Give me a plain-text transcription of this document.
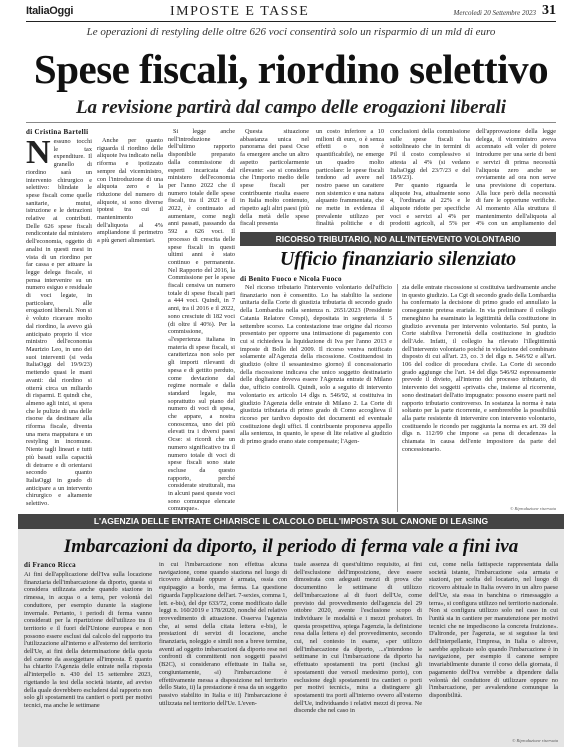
ItaliaOggi	IMPOSTE E TASSE	Mercoledì 20 Settembre 2023 31
Le operazioni di restyling delle oltre 626 voci consentirà solo un risparmio di un mld di euro
Spese fiscali, riordino selettivo
La revisione partirà dal campo delle erogazioni liberali
di Cristina Bartelli
N essuno tocchi le tax expenditure. Il granello di riordino sarà un intervento chirurgico e selettivo: blindate le spese fiscali come quelle sanitarie, mutui, istruzione e le detrazioni relative ai contributi. Delle 626 spese fiscali rendicontate dal ministero dell'economia, oggetto di analisi in questi mesi in vista di un riordino per far cassa e per attuare la legge delega fiscale, si pensa intervenire su un numero esiguo e residuale di voci legate, in particolare, alle erogazioni liberali. Non si è voluto ricavare molto dal riordino, la avevo già anticipato proprio il vice ministro dell'economia Maurizio Leo, in uno dei suoi interventi (si veda ItaliaOggi del 19/9/23) mettendo quasi le mani avanti: dal riordino si otterrà circa un miliardo di risparmi. E quindi che, almeno agli inizi, si spera che le pulizie di una delle risorse da destinare alla riforma fiscale, diventa una mera mappatura e un restyling in incomune. Niente tagli lineari e tutti più basati sulla capacità di detrarre e di orientarsi secondo quanto ItaliaOggi in grado di anticipare a un intervento chirurgico e altamente selettivo.

Anche per quanto riguarda il riordino delle aliquote Iva indicato nella riforma e ipotizzato sempre dal viceministro, con l'introduzione di una aliquota zero e la riduzione del numero di aliquote, si sono diverse ipotesi tra cui il mantenimento dell'aliquota al 4% ampliandone il perimetro a più generi alimentari.

Si legge anche nell'introduzione dell'ultimo rapporto disponibile preparato dalla commissione di esperti incaricata dal ministero dell'economia per l'anno 2022 che il numero totale delle spese fiscali, tra il 2021 e il 2022, è continuato ad aumentare, come negli anni passati, passando da 592 a 626 voci. Il processo di crescita delle spese fiscali in questi ultimi anni è stato continuo e permanente. Nel Rapporto del 2016, la Commissione per le spese fiscali censiva un numero totale di spese fiscali pari a 444 voci. Quindi, in 7 anni, tra il 2016 e il 2022, sono cresciute di 182 voci (di oltre il 40%). Per la commissione, «l'esperienza italiana in materia di spese fiscali, si caratterizza non solo per gli importi rilevanti di spesa e di gettito perduto, come deviazione dal regime normale e dalla standard legale, ma soprattutto sul piano del numero di voci di spesa, che appare, a nostra conoscenza, uno dei più elevati tra i diversi paesi Ocse: si ricordi che un numero significativo tra il numero totale di voci di spese fiscali sono state escluse da questo rapporto, perché considerate strutturali, ma in alcuni paesi queste voci sono comunque elencate comunque».

Questa situazione abbastanza unica nel panorama dei paesi Ocse fa emergere anche un altro aspetto particolarmente rilevante: «se si considera che l'importo medio delle spese fiscali per contribuente risulta essere in Italia molto contenuto, rispetto agli altri paesi (più della metà delle spese fiscali presenta

un costo inferiore a 10 milioni di euro, o è senza effetti o non è quantificabile), ne emerge un quadro molto particolare: le spese fiscali tendono ad avere nel nostro paese un carattere non sistemico e una natura alquanto frammentata, che ne mette in evidenza il prevalente utilizzo per finalità politiche e di

conclusioni della commissione sulle spese fiscali ha sottolineato che in termini di Pil il costo complessivo si attesta al 4% (si vedano ItaliaOggi del 23/7/23 e del 18/9/23).

Per quanto riguarda le aliquote Iva, attualmente sono 4, l'ordinaria al 22% e le aliquote ridotte per specifiche voci e servizi al 4% per prodotti agricoli, al 5% per

dell'approvazione della legge delega, il viceministro aveva accennato «di voler di potere introdurre per una serie di beni e servizi di prima necessità l'aliquota zero anche se ovviamente ad ora non serve una previsione di copertura. Alla luce però della necessità di fare le opportune verifiche. Al momento Alla struttura il mantenimento dell'aliquota al 4% con un ampliamento del

RICORSO TRIBUTARIO, NO ALL'INTERVENTO VOLONTARIO
Ufficio finanziario silenziato
di Benito Fuoco e Nicola Fuoco

Nel ricorso tributario l'intervento volontario dell'ufficio finanziario non è consentito. Lo ha stabilito la sezione unitaria della Corte di giustizia tributaria di secondo grado della Lombardia nella sentenza n. 2651/2023 (Presidente Catania Relatore Crespi), depositata in segreteria il 5 settembre scorso. La contestazione trae origine dal ricorso presentato per opporre una intimazione di pagamento con cui si richiedeva la liquidazione di Iva per l'anno 2013 e imposte di Bollo del 2009. Il ricorso veniva notificato solamente all'Agenzia della riscossione. Costituendosi in giudizio (oltre il sessantesimo giorno) il concessionario della riscossione indicava che unico soggetto destinatario delle doglianze doveva essere l'Agenzia entrate di Milano due, ufficio controlli. Quindi, solo a seguito di intervento volontario ex articolo 14 dlgs n. 546/92, si costituiva in giudizio l'Agenzia delle entrate di Milano 2. La Corte di giustizia tributaria di primo grado di Como accoglieva il ricorso per tardivo deposito dei documenti ed eventuale costituzione degli uffici. Il contribuente proponeva appello alla sentenza, in quanto, le spese di lite relative al giudizio di primo grado erano state compensate; l'Agen-

zia delle entrate riscossione si costituiva tardivamente anche in questo giudizio. La Cgt di secondo grado della Lombardia ha confermato la decisione di primo grado ed annullato la conseguente pretesa erariale. In via preliminare il collegio meneghino ha esaminato la legittimità della costituzione in giudizio avvenuta per intervento volontario. Sul punto, la Corte stabiliva l'erroneità della costituzione in giudizio dell'Ade. Infatti, il collegio ha rilevato l'illegittimità dell'intervento volontario poiché in violazione del combinato disposto di cui all'art. 23, co. 3 del dlgs n. 546/92 e all'art. 106 del codice di procedura civile. La Corte di secondo grado aggiunge che l'art. 14 del dlgs 546/92 espressamente prevede il divieto, all'interno del processo tributario, di intervento dei soggetti «privati» che, insieme al ricorrente, sono destinatari dell'atto impugnato: possono essere parti nel rapporto tributario controverso. In sostanza la norma è nata soltanto per la parte ricorrente, e sembrerebbe la possibilità alla parte resistente di intervenire con intervento volontario, costituendo le ricondo per raggiunta la norma ex art. 39 del dlgs n. 112/99 che impone «a pena di decadenza» la chiamata in causa dell'ente impositore da parte del concessionario.

© Riproduzione riservata
L'AGENZIA DELLE ENTRATE CHIARISCE IL CALCOLO DELL'IMPOSTA SUL CANONE DI LEASING
Imbarcazioni da diporto, il periodo di ferma vale a fini iva
di Franco Ricca

Ai fini dell'applicazione dell'Iva sulla locazione finanziaria dell'imbarcazione da diporto, questa si considera utilizzata anche quando stazione in rimessa, in acqua o a terra, per volontà del conduttore, per esempio durante la stagione invernale. Pertanto, i periodi di ferma vanno considerati per la ripartizione dell'utilizzo tra il territorio e il fuori dell'Unione europea e non possono essere esclusi dal calcolo del rapporto tra l'utilizzazione all'interno e all'esterno del territorio dell'Ue, ai fini della determinazione della quota del canone da assoggettare all'imposta. È quanto ha chiarito l'Agenzia delle entrate nella risposta all'interpello n. 430 del 15 settembre 2023, rigettando la tesi della società istante, ad avviso della quale dovrebbero escludersi dal rapporto non solo gli spostamenti tra cantieri o porti per motivi tecnici, ma anche le settimane

in cui l'imbarcazione non effettua alcuna navigazione, come quando staziona nel luogo di ricovero abituale oppure è armata, ossia con equipaggio a bordo, ma ferma. La questione riguarda l'applicazione dell'art. 7-sexies, comma 1, lett. e-bis), del dpr 633/72, come modificato dalle leggi n. 160/2019 e 178/2020, nonché del relativo provvedimento di attuazione. Osserva l'agenzia che, ai sensi della citata lettera e-bis), le prestazioni di servizi di locazione, anche finanziaria, noleggio e simili non a breve termine, aventi ad oggetto imbarcazioni da diporto rese nei confronti di committenti non soggetti passivi (B2C), si considerano effettuate in Italia se, congiuntamente, «i) l'imbarcazione è effettivamente messa a disposizione nel territorio dello Stato, ii) la prestazione è resa da un soggetto passivo stabilito in Italia e iii) l'imbarcazione è utilizzata nel territorio dell'Ue. L'even-

tuale assenza di quest'ultimo requisito, ai fini dell'esclusione dell'imposizione, deve essere dimostrata con adeguati mezzi di prova che documentino le settimane di utilizzo dell'imbarcazione al di fuori dell'Ue, come previsto dal provvedimento dell'agenzia del 29 ottobre 2020, avente l'esclusione scopo di individuare le modalità e i mezzi probatori. In questa prospettiva, spiega l'agenzia, la definizione resa dalla lettera e) del provvedimento, secondo cui, nel contesto in esame, «per utilizzo dell'imbarcazione da diporto, ...s'intendono le settimane in cui l'imbarcazione da diporto ha effettuato spostamenti tra porti (inclusi gli spostamenti due versoil medesimo porto), con esclusione degli spostamenti tra cantieri o porti per motivi tecnici», mira a distinguere gli spostamenti tra porti all'interno ovvero all'esterno dell'Ue, individuando i relativi mezzi di prova. Ne discende che nel caso in

cui, come nella fattispecie rappresentata dalla società istante, l'imbarcazione «sia armata e stazioni, per scelta del locatario, nel luogo di ricovero abituale in Italia ovvero in un altro paese dell'Ue, sia essa in banchina o rimessaggio a terra», si configura utilizzo nel territorio nazionale. Non si configura utilizzo solo nel caso in cui l'unità sia in cantiere per manutenzione per motivi tecnici che ne impediscono la concreta fruizione». D'altronde, per l'agenzia, se si seguisse la tesi dell'interpellante, l'impresa, in Italia o altrove, sarebbe applicato solo quando l'imbarcazione è in navigazione, per esempio il canone sempre invariabilmente durante il corso della giornata, il pagamento dell'Iva verrebbe a dipendere dalla volontà del conduttore di utilizzare oppure no l'imbarcazione, per avvalendone comunque la disponibilità.

© Riproduzione riservata
